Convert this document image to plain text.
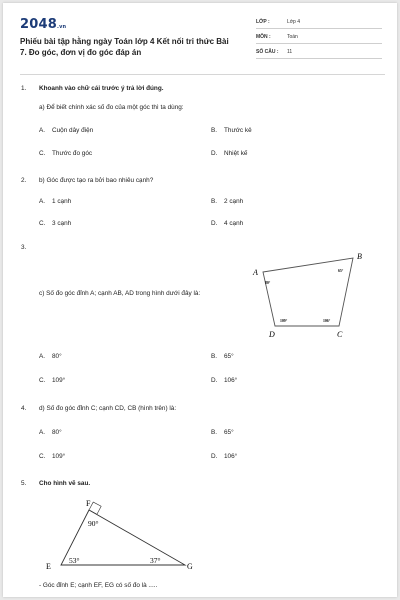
2048.vn
Phiếu bài tập hằng ngày Toán lớp 4 Kết nối tri thức Bài 7. Đo góc, đơn vị đo góc đáp án
LỚP :	Lớp 4
MÔN :	Toán
SỐ CÂU : 11
1. Khoanh vào chữ cái trước ý trả lời đúng.
a) Để biết chính xác số đo của một góc thì ta dùng:
A. Cuộn dây điện	B. Thước kẻ
C. Thước đo góc	D. Nhiệt kế
2. b) Góc được tạo ra bởi bao nhiêu cạnh?
A. 1 cạnh	B. 2 cạnh
C. 3 cạnh	D. 4 cạnh
3.
c) Số đo góc đỉnh A; cạnh AB, AD trong hình dưới đây là:
A
B
C
D
80°
65°
109°	106°
A. 80°	B. 65°
C. 109°	D. 106°
4. d) Số đo góc đỉnh C; cạnh CD, CB (hình trên) là:
A. 80°	B. 65°
C. 109°	D. 106°
5. Cho hình vẽ sau.
F
E	G
90°
53°	37°
- Góc đỉnh E; cạnh EF, EG có số đo là .....
